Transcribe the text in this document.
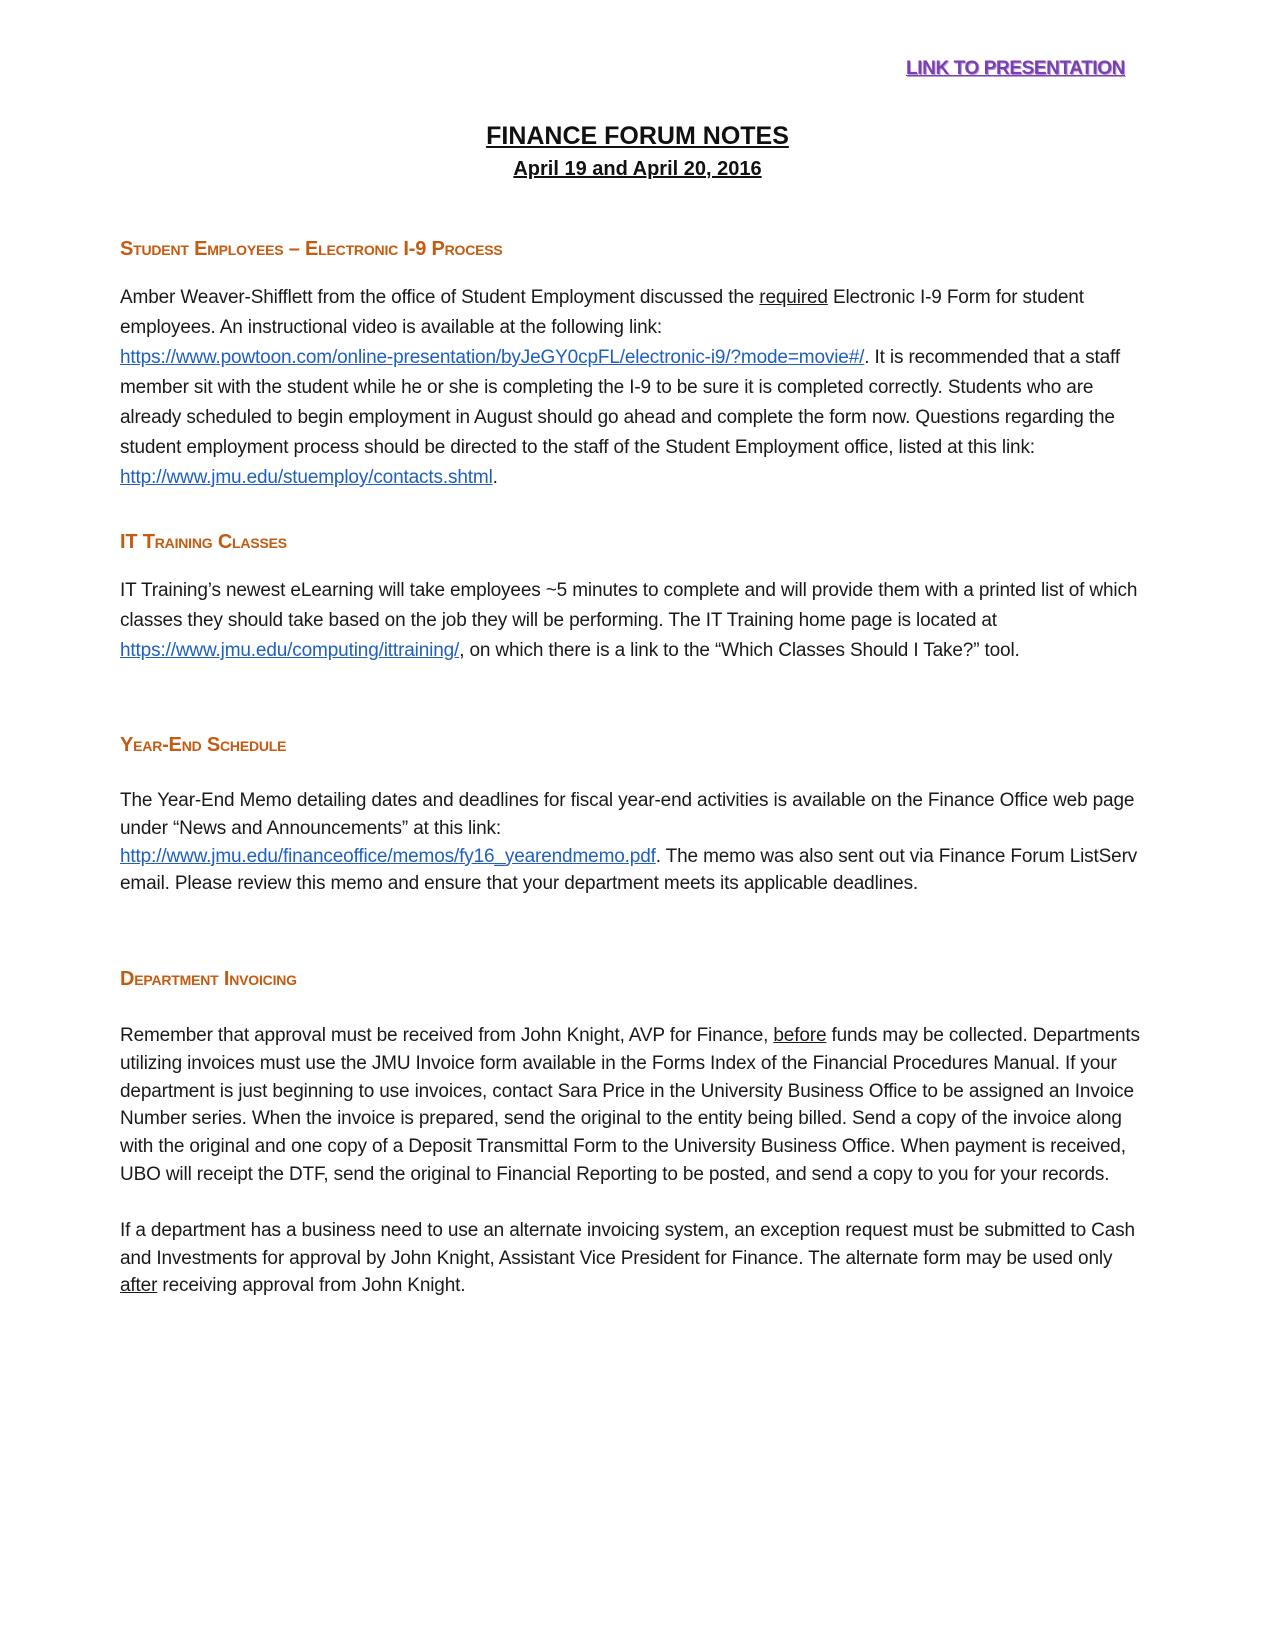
LINK TO PRESENTATION
FINANCE FORUM NOTES
April 19 and April 20, 2016
Student Employees – Electronic I-9 Process

Amber Weaver-Shifflett from the office of Student Employment discussed the required Electronic I-9 Form for student employees. An instructional video is available at the following link:
https://www.powtoon.com/online-presentation/byJeGY0cpFL/electronic-i9/?mode=movie#/. It is recommended that a staff member sit with the student while he or she is completing the I-9 to be sure it is completed correctly. Students who are already scheduled to begin employment in August should go ahead and complete the form now. Questions regarding the student employment process should be directed to the staff of the Student Employment office, listed at this link: http://www.jmu.edu/stuemploy/contacts.shtml.

IT Training Classes

IT Training’s newest eLearning will take employees ~5 minutes to complete and will provide them with a printed list of which classes they should take based on the job they will be performing. The IT Training home page is located at https://www.jmu.edu/computing/ittraining/, on which there is a link to the “Which Classes Should I Take?” tool.

Year-End Schedule

The Year-End Memo detailing dates and deadlines for fiscal year-end activities is available on the Finance Office web page under “News and Announcements” at this link:
http://www.jmu.edu/financeoffice/memos/fy16_yearendmemo.pdf. The memo was also sent out via Finance Forum ListServ email. Please review this memo and ensure that your department meets its applicable deadlines.

Department Invoicing

Remember that approval must be received from John Knight, AVP for Finance, before funds may be collected. Departments utilizing invoices must use the JMU Invoice form available in the Forms Index of the Financial Procedures Manual. If your department is just beginning to use invoices, contact Sara Price in the University Business Office to be assigned an Invoice Number series. When the invoice is prepared, send the original to the entity being billed. Send a copy of the invoice along with the original and one copy of a Deposit Transmittal Form to the University Business Office. When payment is received, UBO will receipt the DTF, send the original to Financial Reporting to be posted, and send a copy to you for your records.

If a department has a business need to use an alternate invoicing system, an exception request must be submitted to Cash and Investments for approval by John Knight, Assistant Vice President for Finance. The alternate form may be used only after receiving approval from John Knight.
